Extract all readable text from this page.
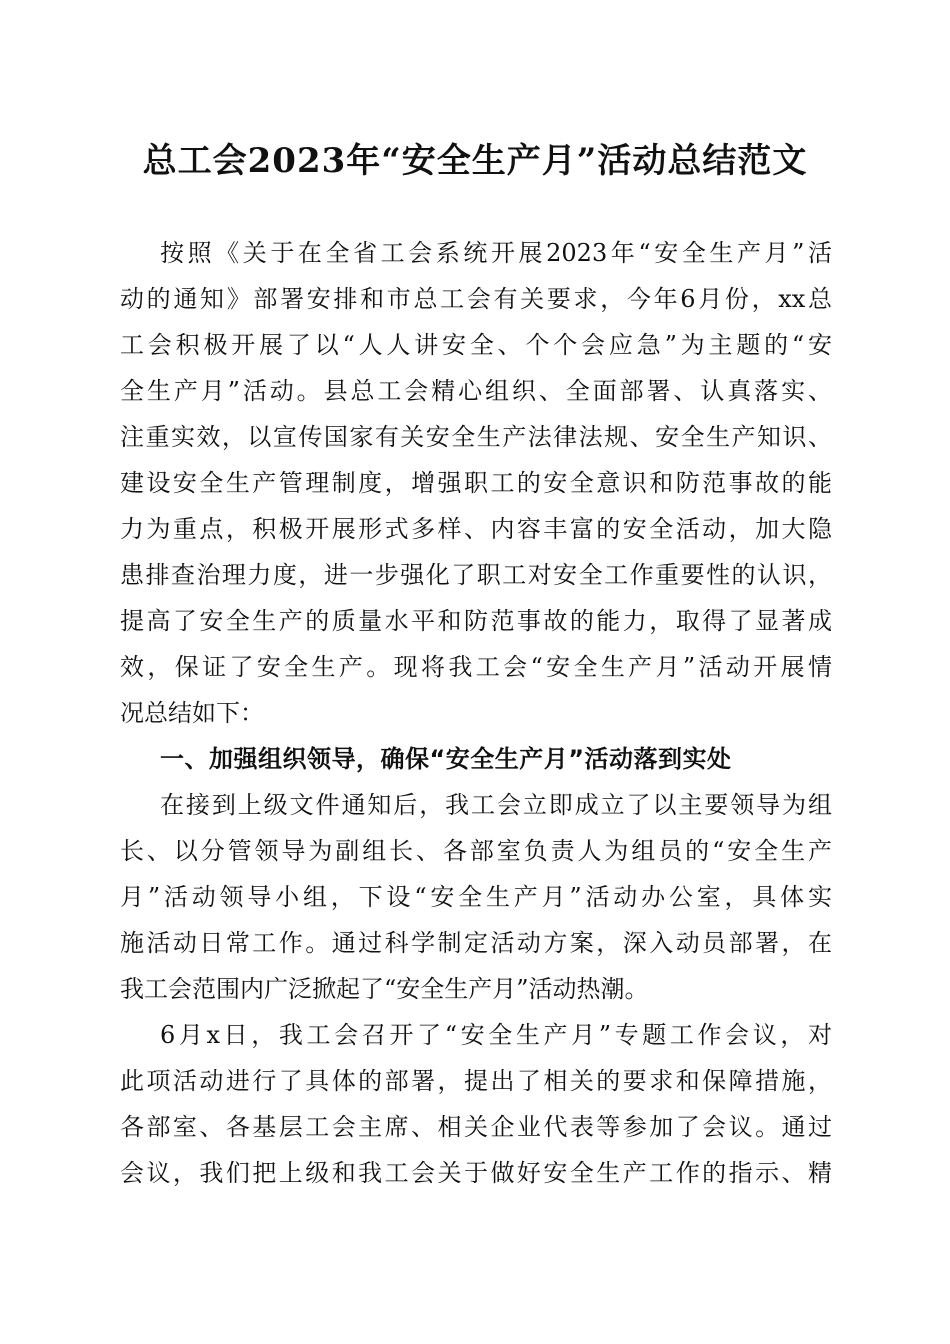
总工会2023年“安全生产月”活动总结范文
按照《关于在全省工会系统开展2023年“安全生产月”活
动的通知》部署安排和市总工会有关要求，今年6月份，xx总
工会积极开展了以“人人讲安全、个个会应急”为主题的“安
全生产月”活动。县总工会精心组织、全面部署、认真落实、
注重实效，以宣传国家有关安全生产法律法规、安全生产知识、
建设安全生产管理制度，增强职工的安全意识和防范事故的能
力为重点，积极开展形式多样、内容丰富的安全活动，加大隐
患排查治理力度，进一步强化了职工对安全工作重要性的认识，
提高了安全生产的质量水平和防范事故的能力，取得了显著成
效，保证了安全生产。现将我工会“安全生产月”活动开展情
况总结如下：
一、加强组织领导，确保“安全生产月”活动落到实处
在接到上级文件通知后，我工会立即成立了以主要领导为组
长、以分管领导为副组长、各部室负责人为组员的“安全生产
月”活动领导小组，下设“安全生产月”活动办公室，具体实
施活动日常工作。通过科学制定活动方案，深入动员部署，在
我工会范围内广泛掀起了“安全生产月”活动热潮。
6月x日，我工会召开了“安全生产月”专题工作会议，对
此项活动进行了具体的部署，提出了相关的要求和保障措施，
各部室、各基层工会主席、相关企业代表等参加了会议。通过
会议，我们把上级和我工会关于做好安全生产工作的指示、精
